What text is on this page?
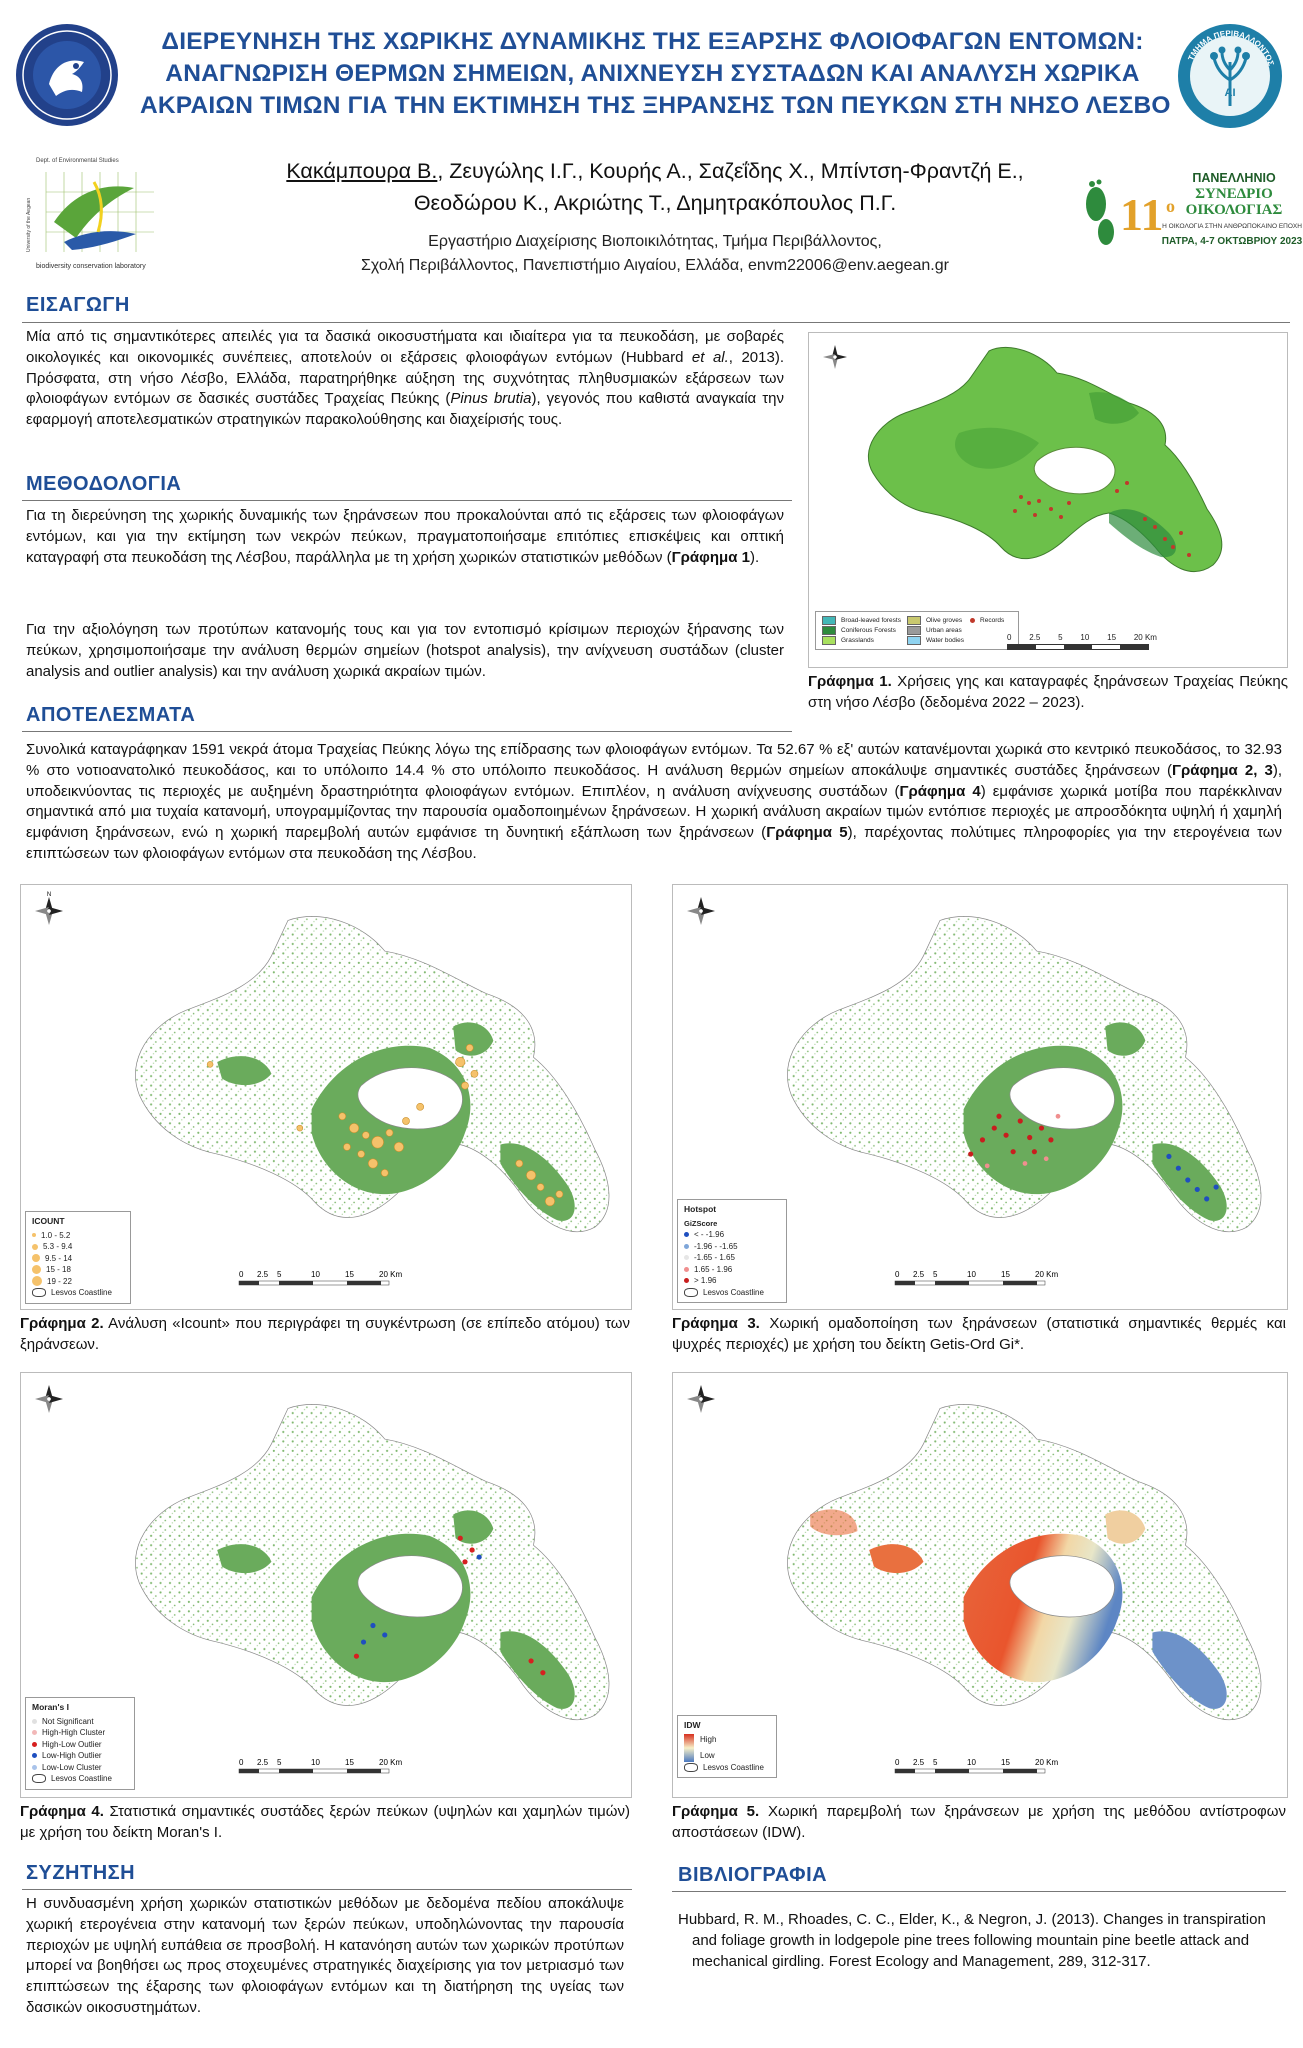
ΔΙΕΡΕΥΝΗΣΗ ΤΗΣ ΧΩΡΙΚΗΣ ΔΥΝΑΜΙΚΗΣ ΤΗΣ ΕΞΑΡΣΗΣ ΦΛΟΙΟΦΑΓΩΝ ΕΝΤΟΜΩΝ:
ΑΝΑΓΝΩΡΙΣΗ ΘΕΡΜΩΝ ΣΗΜΕΙΩΝ, ΑΝΙΧΝΕΥΣΗ ΣΥΣΤΑΔΩΝ ΚΑΙ ΑΝΑΛΥΣΗ ΧΩΡΙΚΑ
ΑΚΡΑΙΩΝ ΤΙΜΩΝ ΓΙΑ ΤΗΝ ΕΚΤΙΜΗΣΗ ΤΗΣ ΞΗΡΑΝΣΗΣ ΤΩΝ ΠΕΥΚΩΝ ΣΤΗ ΝΗΣΟ ΛΕΣΒΟ
ΤΜΗΜΑ ΠΕΡΙΒΑΛΛΟΝΤΟΣ
ΑΙ
Dept. of Environmental Studies
University of the Aegean
biodiversity conservation laboratory
Κακάμπουρα Β., Ζευγώλης Ι.Γ., Κουρής Α., Σαζεΐδης Χ., Μπίντση-Φραντζή Ε.,
Θεοδώρου Κ., Ακριώτης Τ., Δημητρακόπουλος Π.Γ.
Εργαστήριο Διαχείρισης Βιοποικιλότητας, Τμήμα Περιβάλλοντος,
Σχολή Περιβάλλοντος, Πανεπιστήμιο Αιγαίου, Ελλάδα, envm22006@env.aegean.gr
11 ο
ΠΑΝΕΛΛΗΝΙΟ
ΣΥΝΕΔΡΙΟ
ΟΙΚΟΛΟΓΙΑΣ
Η ΟΙΚΟΛΟΓΙΑ ΣΤΗΝ ΑΝΘΡΩΠΟΚΑΙΝΟ ΕΠΟΧΗ
ΠΑΤΡΑ, 4-7 ΟΚΤΩΒΡΙΟΥ 2023
ΕΙΣΑΓΩΓΗ
Μία από τις σημαντικότερες απειλές για τα δασικά οικοσυστήματα και ιδιαίτερα για τα πευκοδάση, με σοβαρές οικολογικές και οικονομικές συνέπειες, αποτελούν οι εξάρσεις φλοιοφάγων εντόμων (Hubbard et al., 2013). Πρόσφατα, στη νήσο Λέσβο, Ελλάδα, παρατηρήθηκε αύξηση της συχνότητας πληθυσμιακών εξάρσεων των φλοιοφάγων εντόμων σε δασικές συστάδες Τραχείας Πεύκης (Pinus brutia), γεγονός που καθιστά αναγκαία την εφαρμογή αποτελεσματικών στρατηγικών παρακολούθησης και διαχείρισής τους.
ΜΕΘΟΔΟΛΟΓΙΑ
Για τη διερεύνηση της χωρικής δυναμικής των ξηράνσεων που προκαλούνται από τις εξάρσεις των φλοιοφάγων εντόμων, και για την εκτίμηση των νεκρών πεύκων, πραγματοποιήσαμε επιτόπιες επισκέψεις και οπτική καταγραφή στα πευκοδάση της Λέσβου, παράλληλα με τη χρήση χωρικών στατιστικών μεθόδων (Γράφημα 1).
Για την αξιολόγηση των προτύπων κατανομής τους και για τον εντοπισμό κρίσιμων περιοχών ξήρανσης των πεύκων, χρησιμοποιήσαμε την ανάλυση θερμών σημείων (hotspot analysis), την ανίχνευση συστάδων (cluster analysis and outlier analysis) και την ανάλυση χωρικά ακραίων τιμών.
Broad-leaved forests	Olive groves	Records
Coniferous Forests	Urban areas
Grasslands	Water bodies	0 2.5 5 10 15 20 Km
Γράφημα 1. Χρήσεις γης και καταγραφές ξηράνσεων Τραχείας Πεύκης στη νήσο Λέσβο (δεδομένα 2022 – 2023).
ΑΠΟΤΕΛΕΣΜΑΤΑ
Συνολικά καταγράφηκαν 1591 νεκρά άτομα Τραχείας Πεύκης λόγω της επίδρασης των φλοιοφάγων εντόμων. Τα 52.67 % εξ' αυτών κατανέμονται χωρικά στο κεντρικό πευκοδάσος, το 32.93 % στο νοτιοανατολικό πευκοδάσος, και το υπόλοιπο 14.4 % στο υπόλοιπο πευκοδάσος. Η ανάλυση θερμών σημείων αποκάλυψε σημαντικές συστάδες ξηράνσεων (Γράφημα 2, 3), υποδεικνύοντας τις περιοχές με αυξημένη δραστηριότητα φλοιοφάγων εντόμων. Επιπλέον, η ανάλυση ανίχνευσης συστάδων (Γράφημα 4) εμφάνισε χωρικά μοτίβα που παρέκκλιναν σημαντικά από μια τυχαία κατανομή, υπογραμμίζοντας την παρουσία ομαδοποιημένων ξηράνσεων. Η χωρική ανάλυση ακραίων τιμών εντόπισε περιοχές με απροσδόκητα υψηλή ή χαμηλή εμφάνιση ξηράνσεων, ενώ η χωρική παρεμβολή αυτών εμφάνισε τη δυνητική εξάπλωση των ξηράνσεων (Γράφημα 5), παρέχοντας πολύτιμες πληροφορίες για την ετερογένεια των επιπτώσεων των φλοιοφάγων εντόμων στα πευκοδάση της Λέσβου.
N
0 2.5 5	10	15	20 Km
ICOUNT
1.0 - 5.2
5.3 - 9.4
9.5 - 14
15 - 18
19 - 22
Lesvos Coastline
Γράφημα 2. Ανάλυση «Icount» που περιγράφει τη συγκέντρωση (σε επίπεδο ατόμου) των ξηράνσεων.
0 2.5 5	10	15	20 Km
Hotspot
GiZScore
< - -1.96
-1.96 - -1.65
-1.65 - 1.65
1.65 - 1.96
> 1.96
Lesvos Coastline
Γράφημα 3. Χωρική ομαδοποίηση των ξηράνσεων (στατιστικά σημαντικές θερμές και ψυχρές περιοχές) με χρήση του δείκτη Getis-Ord Gi*.
0 2.5 5	10	15	20 Km
Moran's I
Not Significant
High-High Cluster
High-Low Outlier
Low-High Outlier
Low-Low Cluster
Lesvos Coastline
Γράφημα 4. Στατιστικά σημαντικές συστάδες ξερών πεύκων (υψηλών και χαμηλών τιμών) με χρήση του δείκτη Moran's I.
0 2.5 5	10	15	20 Km
IDW
High
Low
Lesvos Coastline
Γράφημα 5. Χωρική παρεμβολή των ξηράνσεων με χρήση της μεθόδου αντίστροφων αποστάσεων (IDW).
ΣΥΖΗΤΗΣΗ
Η συνδυασμένη χρήση χωρικών στατιστικών μεθόδων με δεδομένα πεδίου αποκάλυψε χωρική ετερογένεια στην κατανομή των ξερών πεύκων, υποδηλώνοντας την παρουσία περιοχών με υψηλή ευπάθεια σε προσβολή. Η κατανόηση αυτών των χωρικών προτύπων μπορεί να βοηθήσει ως προς στοχευμένες στρατηγικές διαχείρισης για τον μετριασμό των επιπτώσεων της έξαρσης των φλοιοφάγων εντόμων και τη διατήρηση της υγείας των δασικών οικοσυστημάτων.
ΒΙΒΛΙΟΓΡΑΦΙΑ
Hubbard, R. M., Rhoades, C. C., Elder, K., & Negron, J. (2013). Changes in transpiration and foliage growth in lodgepole pine trees following mountain pine beetle attack and mechanical girdling. Forest Ecology and Management, 289, 312-317.
